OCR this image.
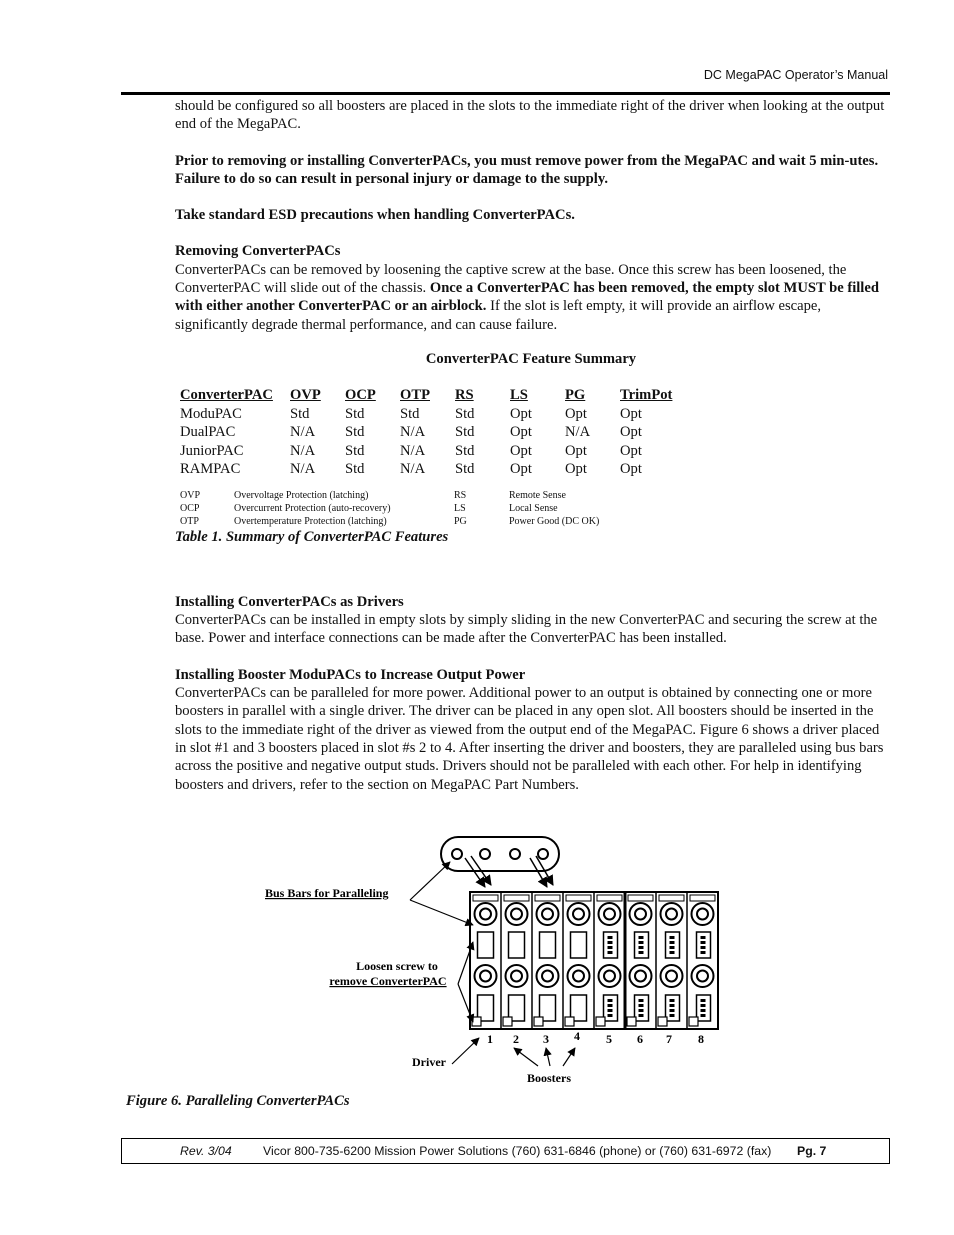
DC MegaPAC Operator’s Manual

should be configured so all boosters are placed in the slots to the immediate right of the driver when looking at the output end of the MegaPAC.

Prior to removing or installing ConverterPACs, you must remove power from the MegaPAC and wait 5 min-utes. Failure to do so can result in personal injury or damage to the supply.

Take standard ESD precautions when handling ConverterPACs.

Removing ConverterPACs

ConverterPACs can be removed by loosening the captive screw at the base. Once this screw has been loosened, the ConverterPAC will slide out of the chassis. Once a ConverterPAC has been removed, the empty slot MUST be filled with either another ConverterPAC or an airblock. If the slot is left empty, it will provide an airflow escape, significantly degrade thermal performance, and can cause failure.

ConverterPAC Feature Summary

ConverterPAC	OVP	OCP	OTP	RS	LS	PG	TrimPot
ModuPAC	Std	Std	Std	Std	Opt	Opt	Opt
DualPAC	N/A	Std	N/A	Std	Opt	N/A	Opt
JuniorPAC	N/A	Std	N/A	Std	Opt	Opt	Opt
RAMPAC	N/A	Std	N/A	Std	Opt	Opt	Opt
OVP	Overvoltage Protection (latching)	RS	Remote Sense
OCP	Overcurrent Protection (auto-recovery)	LS	Local Sense
OTP	Overtemperature Protection (latching)	PG	Power Good (DC OK)

Table 1. Summary of ConverterPAC Features

Installing ConverterPACs as Drivers

ConverterPACs can be installed in empty slots by simply sliding in the new ConverterPAC and securing the screw at the base. Power and interface connections can be made after the ConverterPAC has been installed.

Installing Booster ModuPACs to Increase Output Power

ConverterPACs can be paralleled for more power. Additional power to an output is obtained by connecting one or more boosters in parallel with a single driver. The driver can be placed in any open slot. All boosters should be inserted in the slots to the immediate right of the driver as viewed from the output end of the MegaPAC. Figure 6 shows a driver placed in slot #1 and 3 boosters placed in slot #s 2 to 4. After inserting the driver and boosters, they are paralleled using bus bars across the positive and negative output studs. Drivers should not be paralleled with each other. For help in identifying boosters and drivers, refer to the section on MegaPAC Part Numbers.

Bus Bars for Paralleling
Loosen screw to
remove ConverterPAC
Driver
Boosters
1 2 3 4 5 6 7 8
Figure 6. Paralleling ConverterPACs
Rev. 3/04	Vicor 800-735-6200 Mission Power Solutions (760) 631-6846 (phone) or (760) 631-6972 (fax) Pg. 7
